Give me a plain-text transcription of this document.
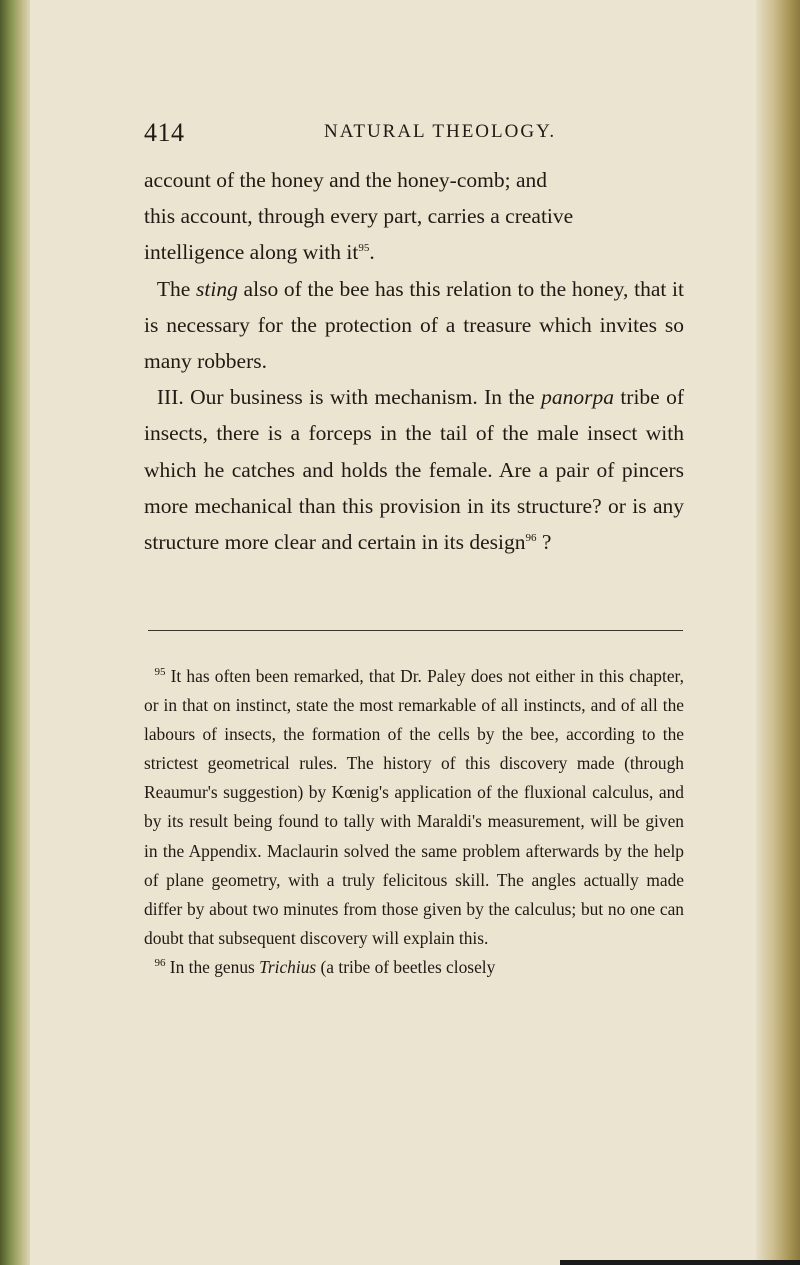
414	NATURAL THEOLOGY.

account of the honey and the honey-comb; and
this account, through every part, carries a creative
intelligence along with $it^{95}$.

The sting also of the bee has this relation to the honey, that it is necessary for the protection of a treasure which invites so many robbers.

III. Our business is with mechanism. In the panorpa tribe of insects, there is a forceps in the tail of the male insect with which he catches and holds the female. Are a pair of pincers more mechanical than this provision in its structure? or is any structure more clear and certain in its design$^{96}$ ?

$^{95}$ It has often been remarked, that Dr. Paley does not either in this chapter, or in that on instinct, state the most remarkable of all instincts, and of all the labours of insects, the formation of the cells by the bee, according to the strictest geometrical rules. The history of this discovery made (through Reaumur's suggestion) by Kœnig's application of the fluxional calculus, and by its result being found to tally with Maraldi's measurement, will be given in the Appendix. Maclaurin solved the same problem afterwards by the help of plane geometry, with a truly felicitous skill. The angles actually made differ by about two minutes from those given by the calculus; but no one can doubt that subsequent discovery will explain this.

$^{96}$ In the genus Trichius (a tribe of beetles closely
